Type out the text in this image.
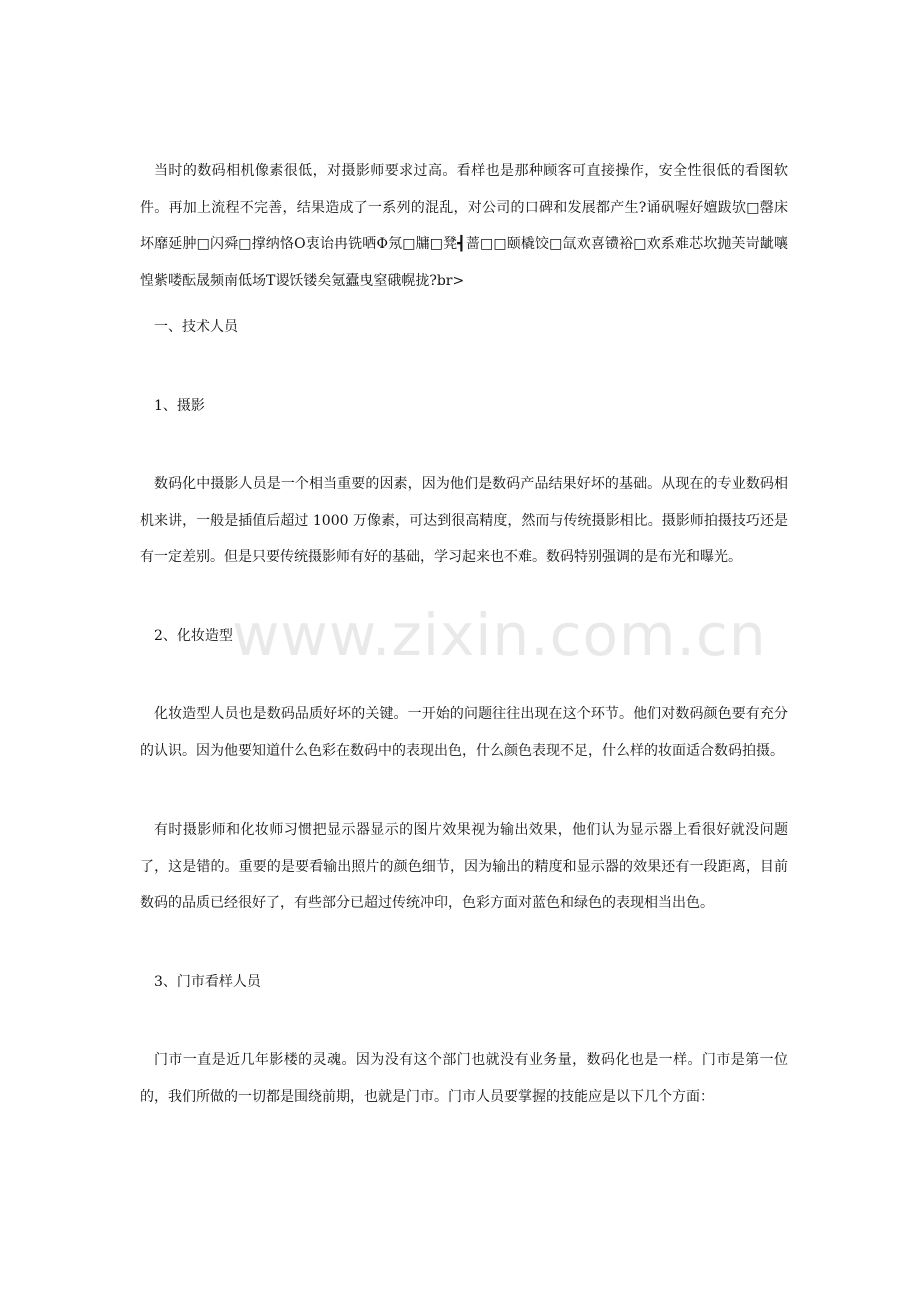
www.zixin.com.cn

当时的数码相机像素很低，对摄影师要求过高。看样也是那种顾客可直接操作，安全性很低的看图软件。再加上流程不完善，结果造成了一系列的混乱，对公司的口碑和发展都产生?诵矾喔好嬗跋欤□罄床坏靡延肿□闪舜□撑纳恪О衷诒冉铣哂Φ氖□牗□凳┫蔷□□颐橇饺□氙欢喜镄裕□欢系难芯坎抛芙岢龇嚷惶紫喽酝晟频南低场Т谡饫镂矣氪蠹曳窒硪幌拢?br>

一、技术人员

1、摄影

数码化中摄影人员是一个相当重要的因素，因为他们是数码产品结果好坏的基础。从现在的专业数码相机来讲，一般是插值后超过 1000 万像素，可达到很高精度，然而与传统摄影相比。摄影师拍摄技巧还是有一定差别。但是只要传统摄影师有好的基础，学习起来也不难。数码特别强调的是布光和曝光。

2、化妆造型

化妆造型人员也是数码品质好坏的关键。一开始的问题往往出现在这个环节。他们对数码颜色要有充分的认识。因为他要知道什么色彩在数码中的表现出色，什么颜色表现不足，什么样的妆面适合数码拍摄。

有时摄影师和化妆师习惯把显示器显示的图片效果视为输出效果，他们认为显示器上看很好就没问题了，这是错的。重要的是要看输出照片的颜色细节，因为输出的精度和显示器的效果还有一段距离，目前数码的品质已经很好了，有些部分已超过传统冲印，色彩方面对蓝色和绿色的表现相当出色。

3、门市看样人员

门市一直是近几年影楼的灵魂。因为没有这个部门也就没有业务量，数码化也是一样。门市是第一位的，我们所做的一切都是围绕前期，也就是门市。门市人员要掌握的技能应是以下几个方面：
